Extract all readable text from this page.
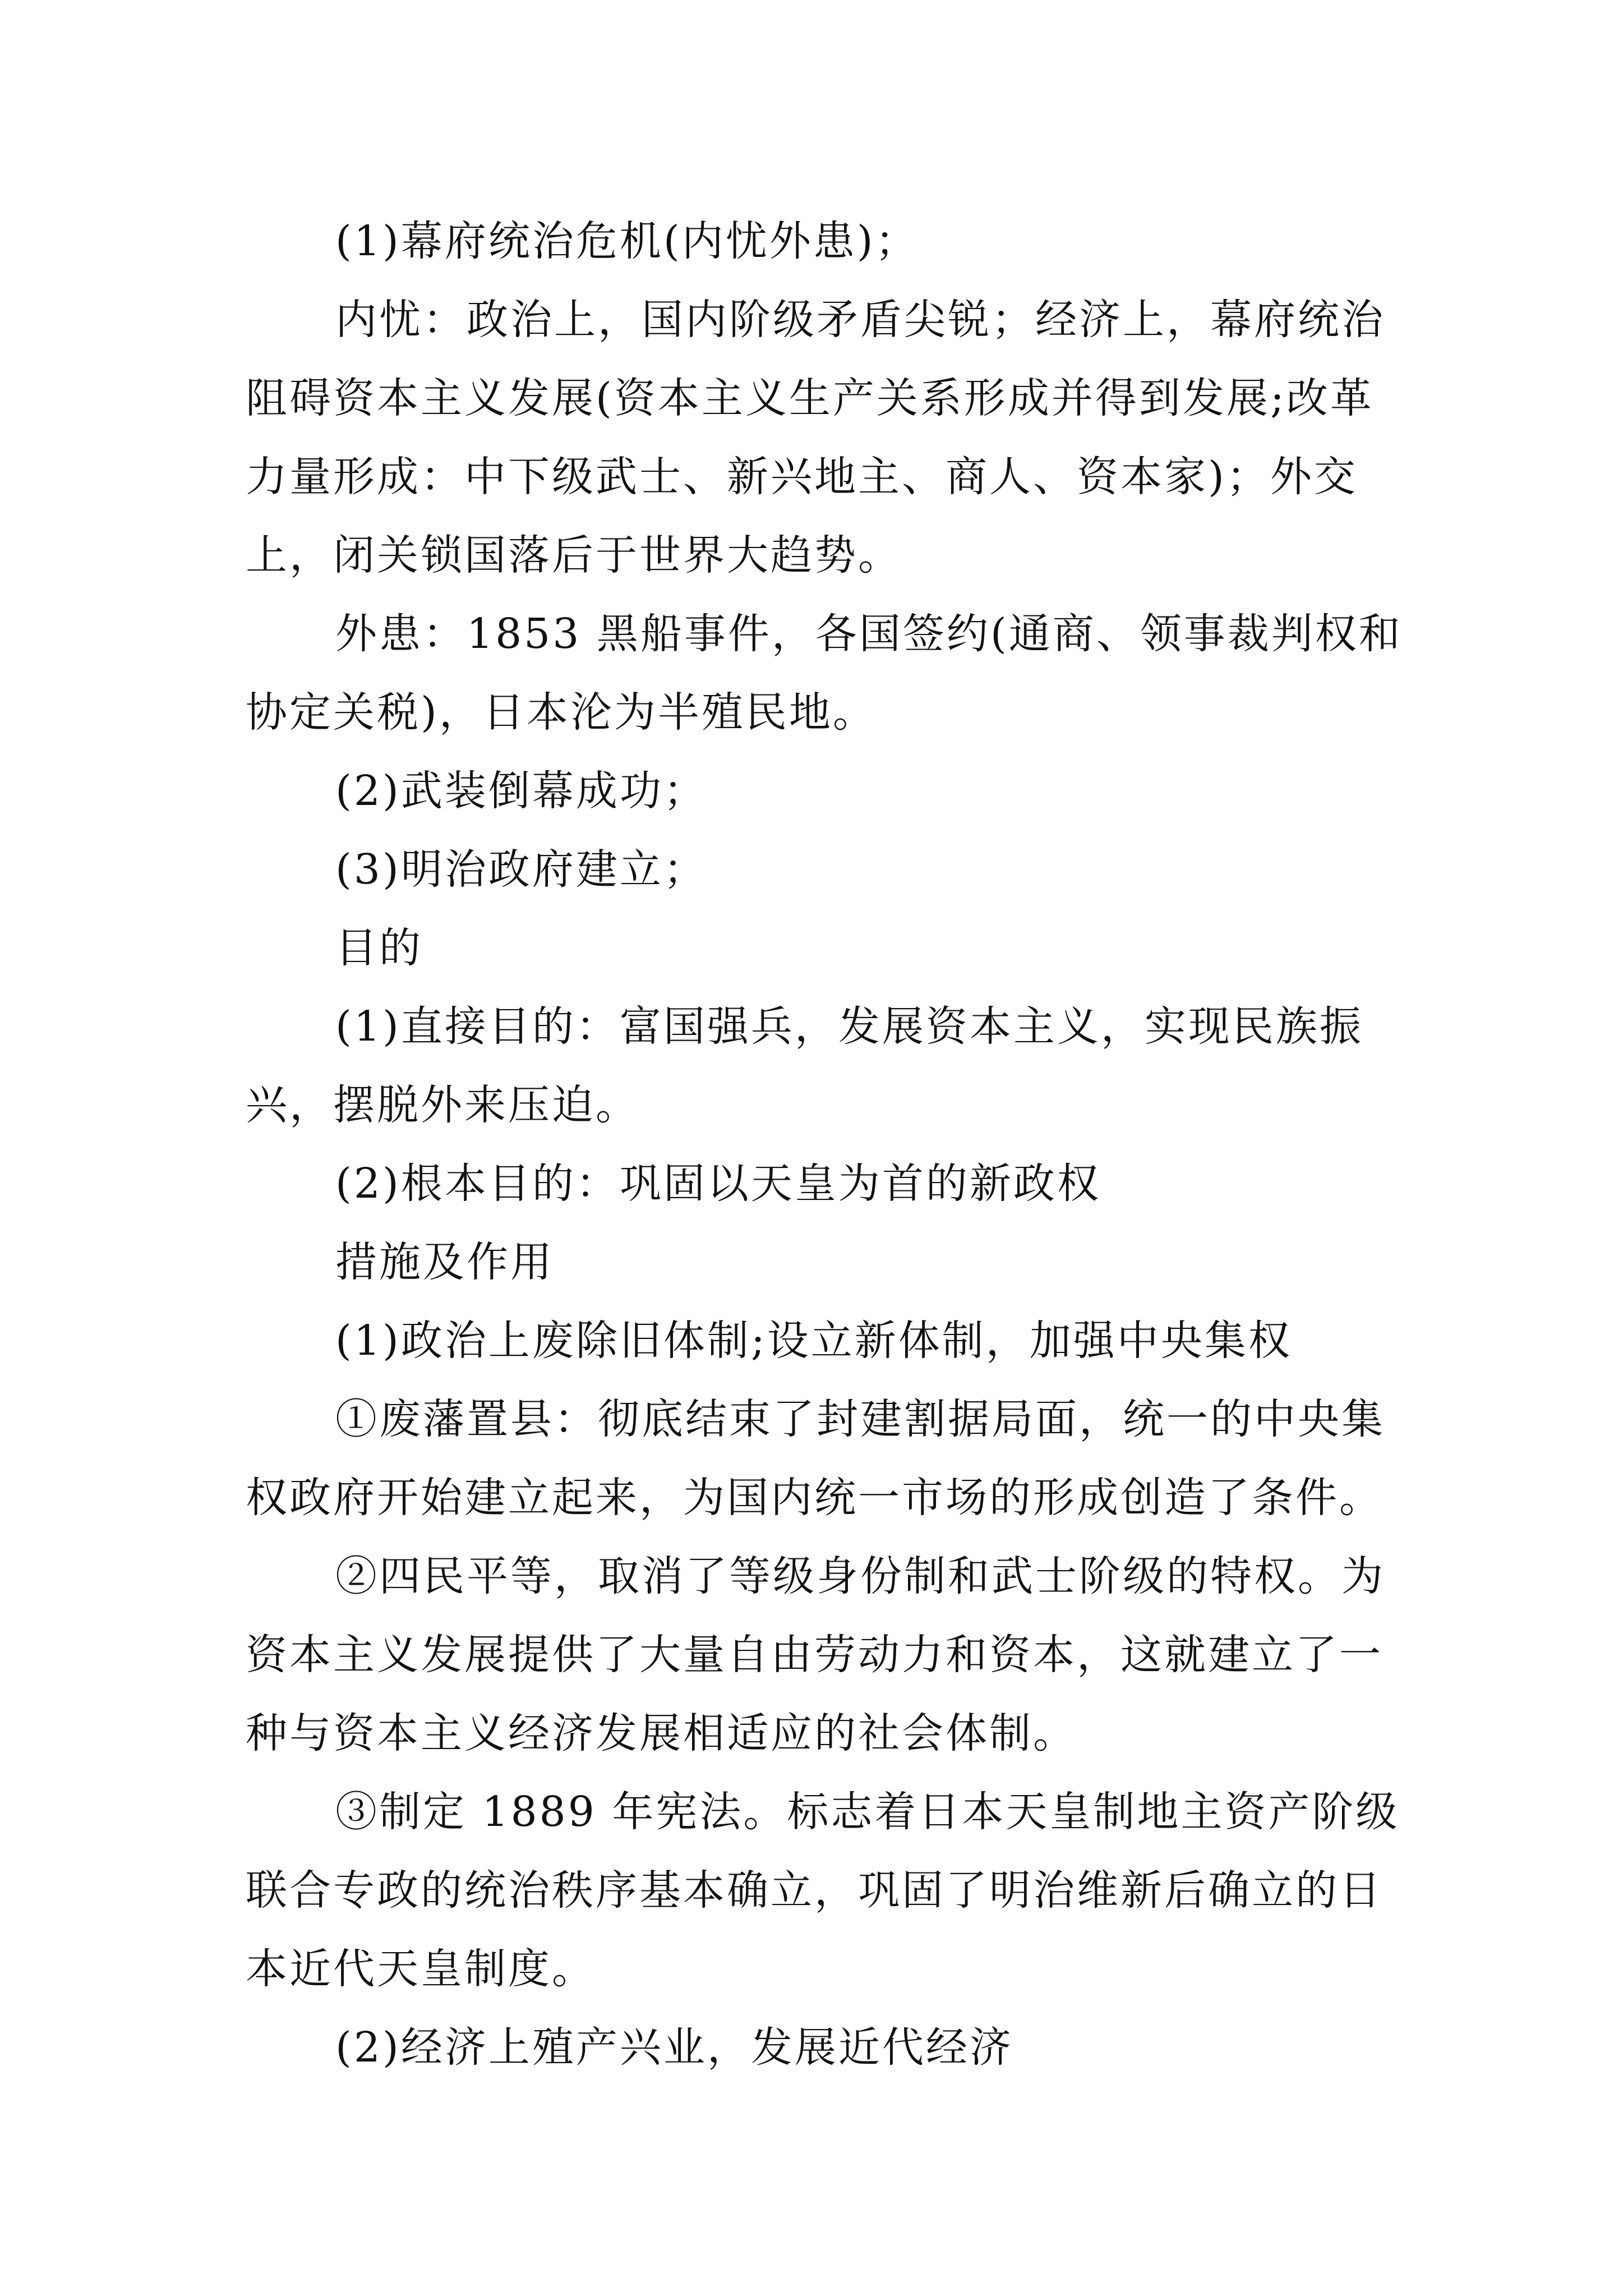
(1)幕府统治危机(内忧外患)；
内忧：政治上，国内阶级矛盾尖锐；经济上，幕府统治
阻碍资本主义发展(资本主义生产关系形成并得到发展;改革
力量形成：中下级武士、新兴地主、商人、资本家)；外交
上，闭关锁国落后于世界大趋势。
外患：1853 黑船事件，各国签约(通商、领事裁判权和
协定关税)，日本沦为半殖民地。
(2)武装倒幕成功；
(3)明治政府建立；
目的
(1)直接目的：富国强兵，发展资本主义，实现民族振
兴，摆脱外来压迫。
(2)根本目的：巩固以天皇为首的新政权
措施及作用
(1)政治上废除旧体制;设立新体制，加强中央集权
①废藩置县：彻底结束了封建割据局面，统一的中央集
权政府开始建立起来，为国内统一市场的形成创造了条件。
②四民平等，取消了等级身份制和武士阶级的特权。为
资本主义发展提供了大量自由劳动力和资本，这就建立了一
种与资本主义经济发展相适应的社会体制。
③制定 1889 年宪法。标志着日本天皇制地主资产阶级
联合专政的统治秩序基本确立，巩固了明治维新后确立的日
本近代天皇制度。
(2)经济上殖产兴业，发展近代经济
